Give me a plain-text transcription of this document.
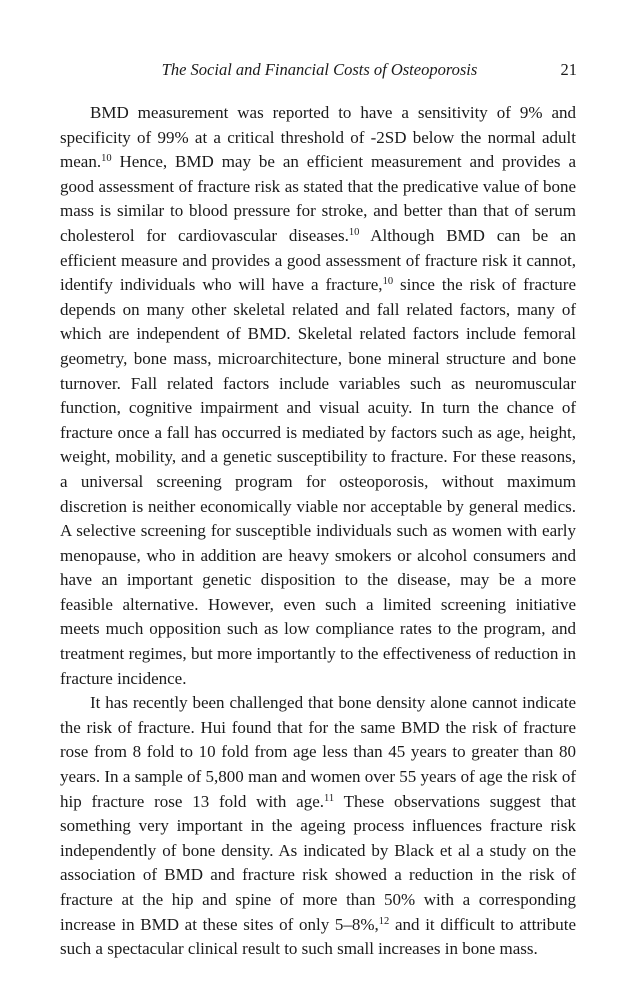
The Social and Financial Costs of Osteoporosis	21

BMD measurement was reported to have a sensitivity of 9% and specificity of 99% at a critical threshold of -2SD below the normal adult mean.$^{10}$ Hence, BMD may be an efficient measurement and provides a good assessment of fracture risk as stated that the predicative value of bone mass is similar to blood pressure for stroke, and better than that of serum cholesterol for cardiovascular diseases.$^{10}$ Although BMD can be an efficient measure and provides a good assessment of fracture risk it cannot, identify individuals who will have a fracture,$^{10}$ since the risk of fracture depends on many other skeletal related and fall related factors, many of which are independent of BMD. Skeletal related factors include femoral geometry, bone mass, microarchitecture, bone mineral structure and bone turnover. Fall related factors include variables such as neuromuscular function, cognitive impairment and visual acuity. In turn the chance of fracture once a fall has occurred is mediated by factors such as age, height, weight, mobility, and a genetic susceptibility to fracture. For these reasons, a universal screening program for osteoporosis, without maximum discretion is neither economically viable nor acceptable by general medics. A selective screening for susceptible individuals such as women with early menopause, who in addition are heavy smokers or alcohol consumers and have an important genetic disposition to the disease, may be a more feasible alternative. However, even such a limited screening initiative meets much opposition such as low compliance rates to the program, and treatment regimes, but more importantly to the effectiveness of reduction in fracture incidence.

It has recently been challenged that bone density alone cannot indicate the risk of fracture. Hui found that for the same BMD the risk of fracture rose from 8 fold to 10 fold from age less than 45 years to greater than 80 years. In a sample of 5,800 man and women over 55 years of age the risk of hip fracture rose 13 fold with age.$^{11}$ These observations suggest that something very important in the ageing process influences fracture risk independently of bone density. As indicated by Black et al a study on the association of BMD and fracture risk showed a reduction in the risk of fracture at the hip and spine of more than 50% with a corresponding increase in BMD at these sites of only 5–8%,$^{12}$ and it difficult to attribute such a spectacular clinical result to such small increases in bone mass.
